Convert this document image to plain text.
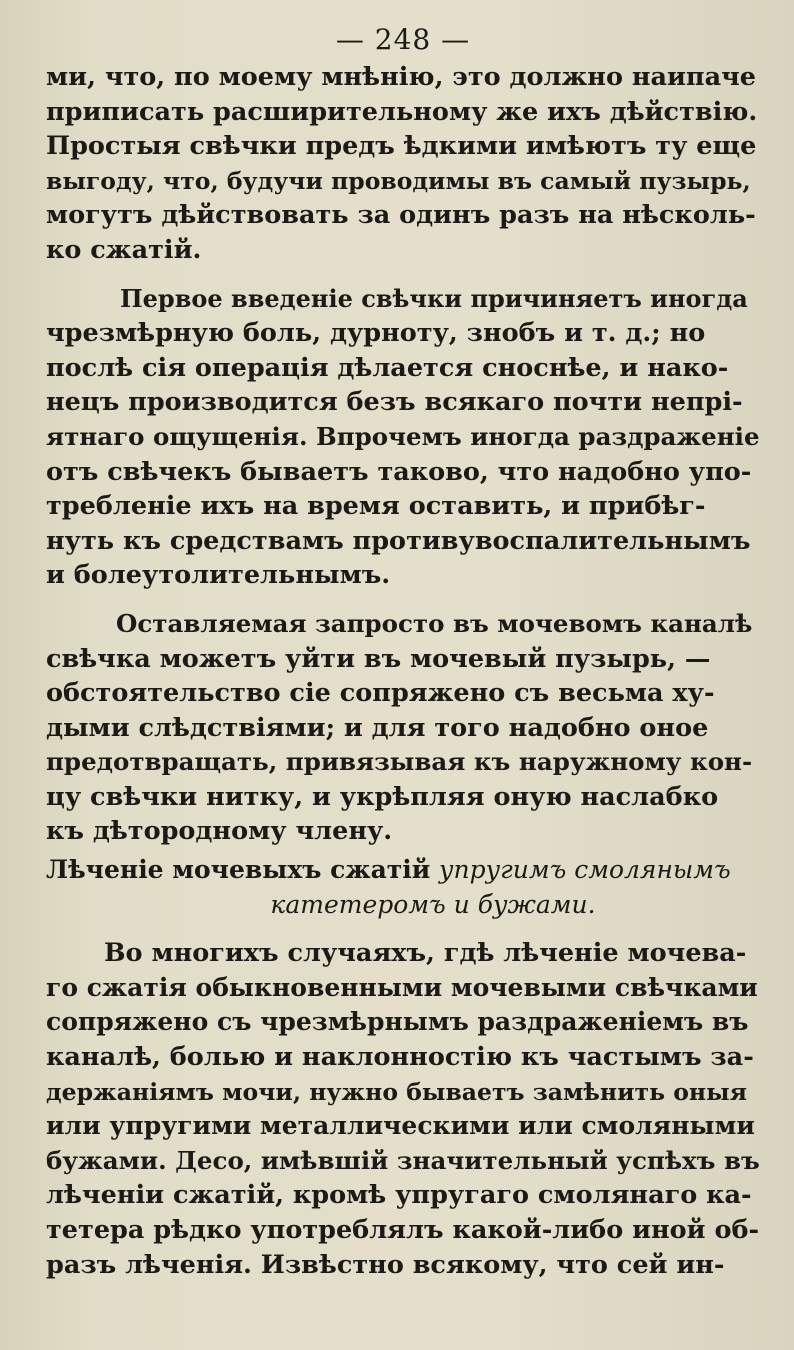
— 248 —
ми, что, по моему мнѣнію, это должно наипаче
приписать расширительному же ихъ дѣйствію.
Простыя свѣчки предъ ѣдкими имѣютъ ту еще
выгоду, что, будучи проводимы въ самый пузырь,
могутъ дѣйствовать за одинъ разъ на нѣсколь-
ко сжатій.
Первое введеніе свѣчки причиняетъ иногда
чрезмѣрную боль, дурноту, знобъ и т. д.; но
послѣ сія операція дѣлается сноснѣе, и нако-
нецъ производится безъ всякаго почти непрі-
ятнаго ощущенія. Впрочемъ иногда раздраженіе
отъ свѣчекъ бываетъ таково, что надобно упо-
требленіе ихъ на время оставить, и прибѣг-
нуть къ средствамъ противувоспалительнымъ
и болеутолительнымъ.
Оставляемая запросто въ мочевомъ каналѣ
свѣчка можетъ уйти въ мочевый пузырь, —
обстоятельство сіе сопряжено съ весьма ху-
дыми слѣдствіями; и для того надобно оное
предотвращать, привязывая къ наружному кон-
цу свѣчки нитку, и укрѣпляя оную наслабко
къ дѣтородному члену.
Лѣченіе мочевыхъ сжатій упругимъ смолянымъ
катетеромъ и бужами.
Во многихъ случаяхъ, гдѣ лѣченіе мочева-
го сжатія обыкновенными мочевыми свѣчками
сопряжено съ чрезмѣрнымъ раздраженіемъ въ
каналѣ, болью и наклонностію къ частымъ за-
держаніямъ мочи, нужно бываетъ замѣнить оныя
или упругими металлическими или смоляными
бужами. Десо, имѣвшій значительный успѣхъ въ
лѣченіи сжатій, кромѣ упругаго смолянаго ка-
тетера рѣдко употреблялъ какой-либо иной об-
разъ лѣченія. Извѣстно всякому, что сей ин-
